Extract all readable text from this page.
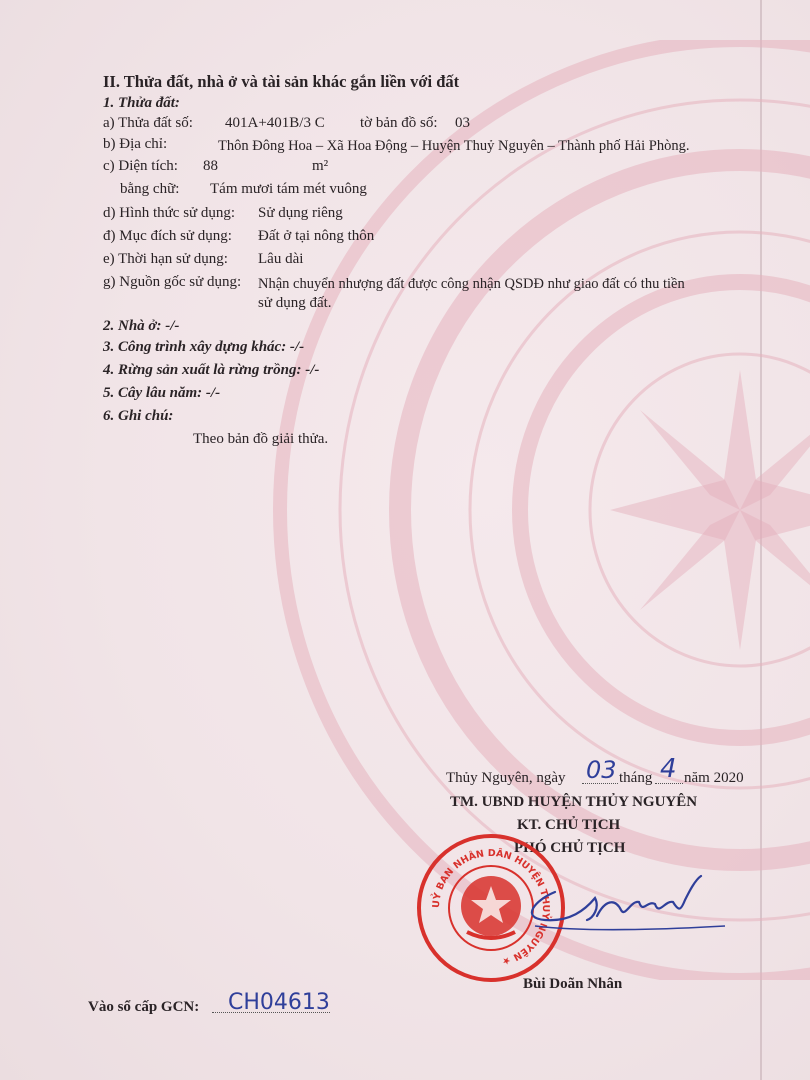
II. Thửa đất, nhà ở và tài sản khác gắn liền với đất
1. Thửa đất:
a) Thửa đất số: 401A+401B/3 C tờ bản đồ số: 03
b) Địa chỉ:	Thôn Đông Hoa – Xã Hoa Động – Huyện Thuỷ Nguyên – Thành phố Hải Phòng.
c) Diện tích: 88	m²
bằng chữ: Tám mươi tám mét vuông
d) Hình thức sử dụng: Sử dụng riêng
đ) Mục đích sử dụng: Đất ở tại nông thôn
e) Thời hạn sử dụng: Lâu dài
g) Nguồn gốc sử dụng: Nhận chuyển nhượng đất được công nhận QSDĐ như giao đất có thu tiền
sử dụng đất.
2. Nhà ở: -/-
3. Công trình xây dựng khác: -/-
4. Rừng sản xuất là rừng trồng: -/-
5. Cây lâu năm: -/-
6. Ghi chú:
Theo bản đồ giải thửa.
Thủy Nguyên, ngày 03 tháng 4 năm 2020
TM. UBND HUYỆN THỦY NGUYÊN
KT. CHỦ TỊCH
PHÓ CHỦ TỊCH
UỶ BAN NHÂN DÂN HUYỆN THUỶ NGUYÊN ★
Bùi Doãn Nhân
Vào sổ cấp GCN: CH04613
